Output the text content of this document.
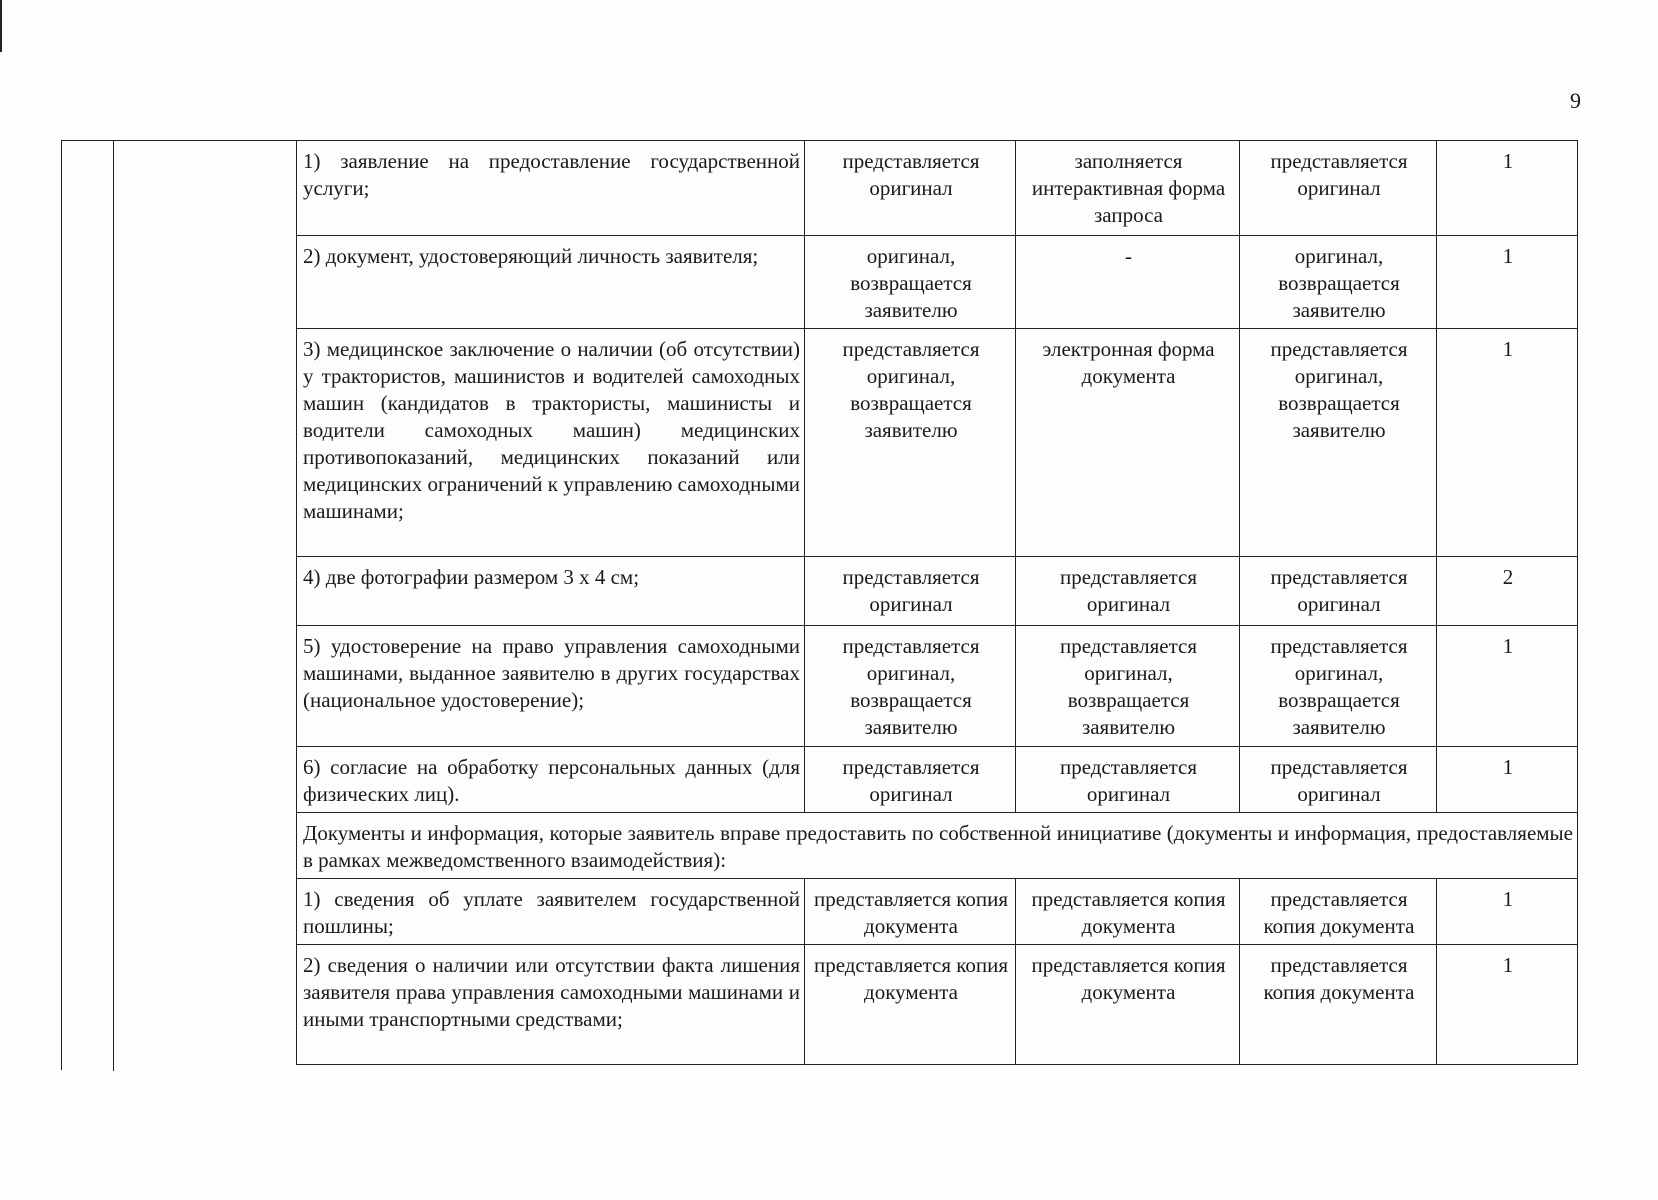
9
1) заявление на предоставление государственной услуги;	представляется оригинал	заполняется интерактивная форма запроса	представляется оригинал	1
2) документ, удостоверяющий личность заявителя;	оригинал, возвращается заявителю	-	оригинал, возвращается заявителю	1
3) медицинское заключение о наличии (об отсутствии) у трактористов, машинистов и водителей самоходных машин (кандидатов в трактористы, машинисты и водители самоходных машин) медицинских противопоказаний, медицинских показаний или медицинских ограничений к управлению самоходными машинами;	представляется оригинал, возвращается заявителю	электронная форма документа	представляется оригинал, возвращается заявителю	1
4) две фотографии размером 3 х 4 см;	представляется оригинал	представляется оригинал	представляется оригинал	2
5) удостоверение на право управления самоходными машинами, выданное заявителю в других государствах (национальное удостоверение);	представляется оригинал, возвращается заявителю	представляется оригинал, возвращается заявителю	представляется оригинал, возвращается заявителю	1
6) согласие на обработку персональных данных (для физических лиц).	представляется оригинал	представляется оригинал	представляется оригинал	1
Документы и информация, которые заявитель вправе предоставить по собственной инициативе (документы и информация, предоставляемые в рамках межведомственного взаимодействия):				
1) сведения об уплате заявителем государственной пошлины;	представляется копия документа	представляется копия документа	представляется копия документа	1
2) сведения о наличии или отсутствии факта лишения заявителя права управления самоходными машинами и иными транспортными средствами;	представляется копия документа	представляется копия документа	представляется копия документа	1
